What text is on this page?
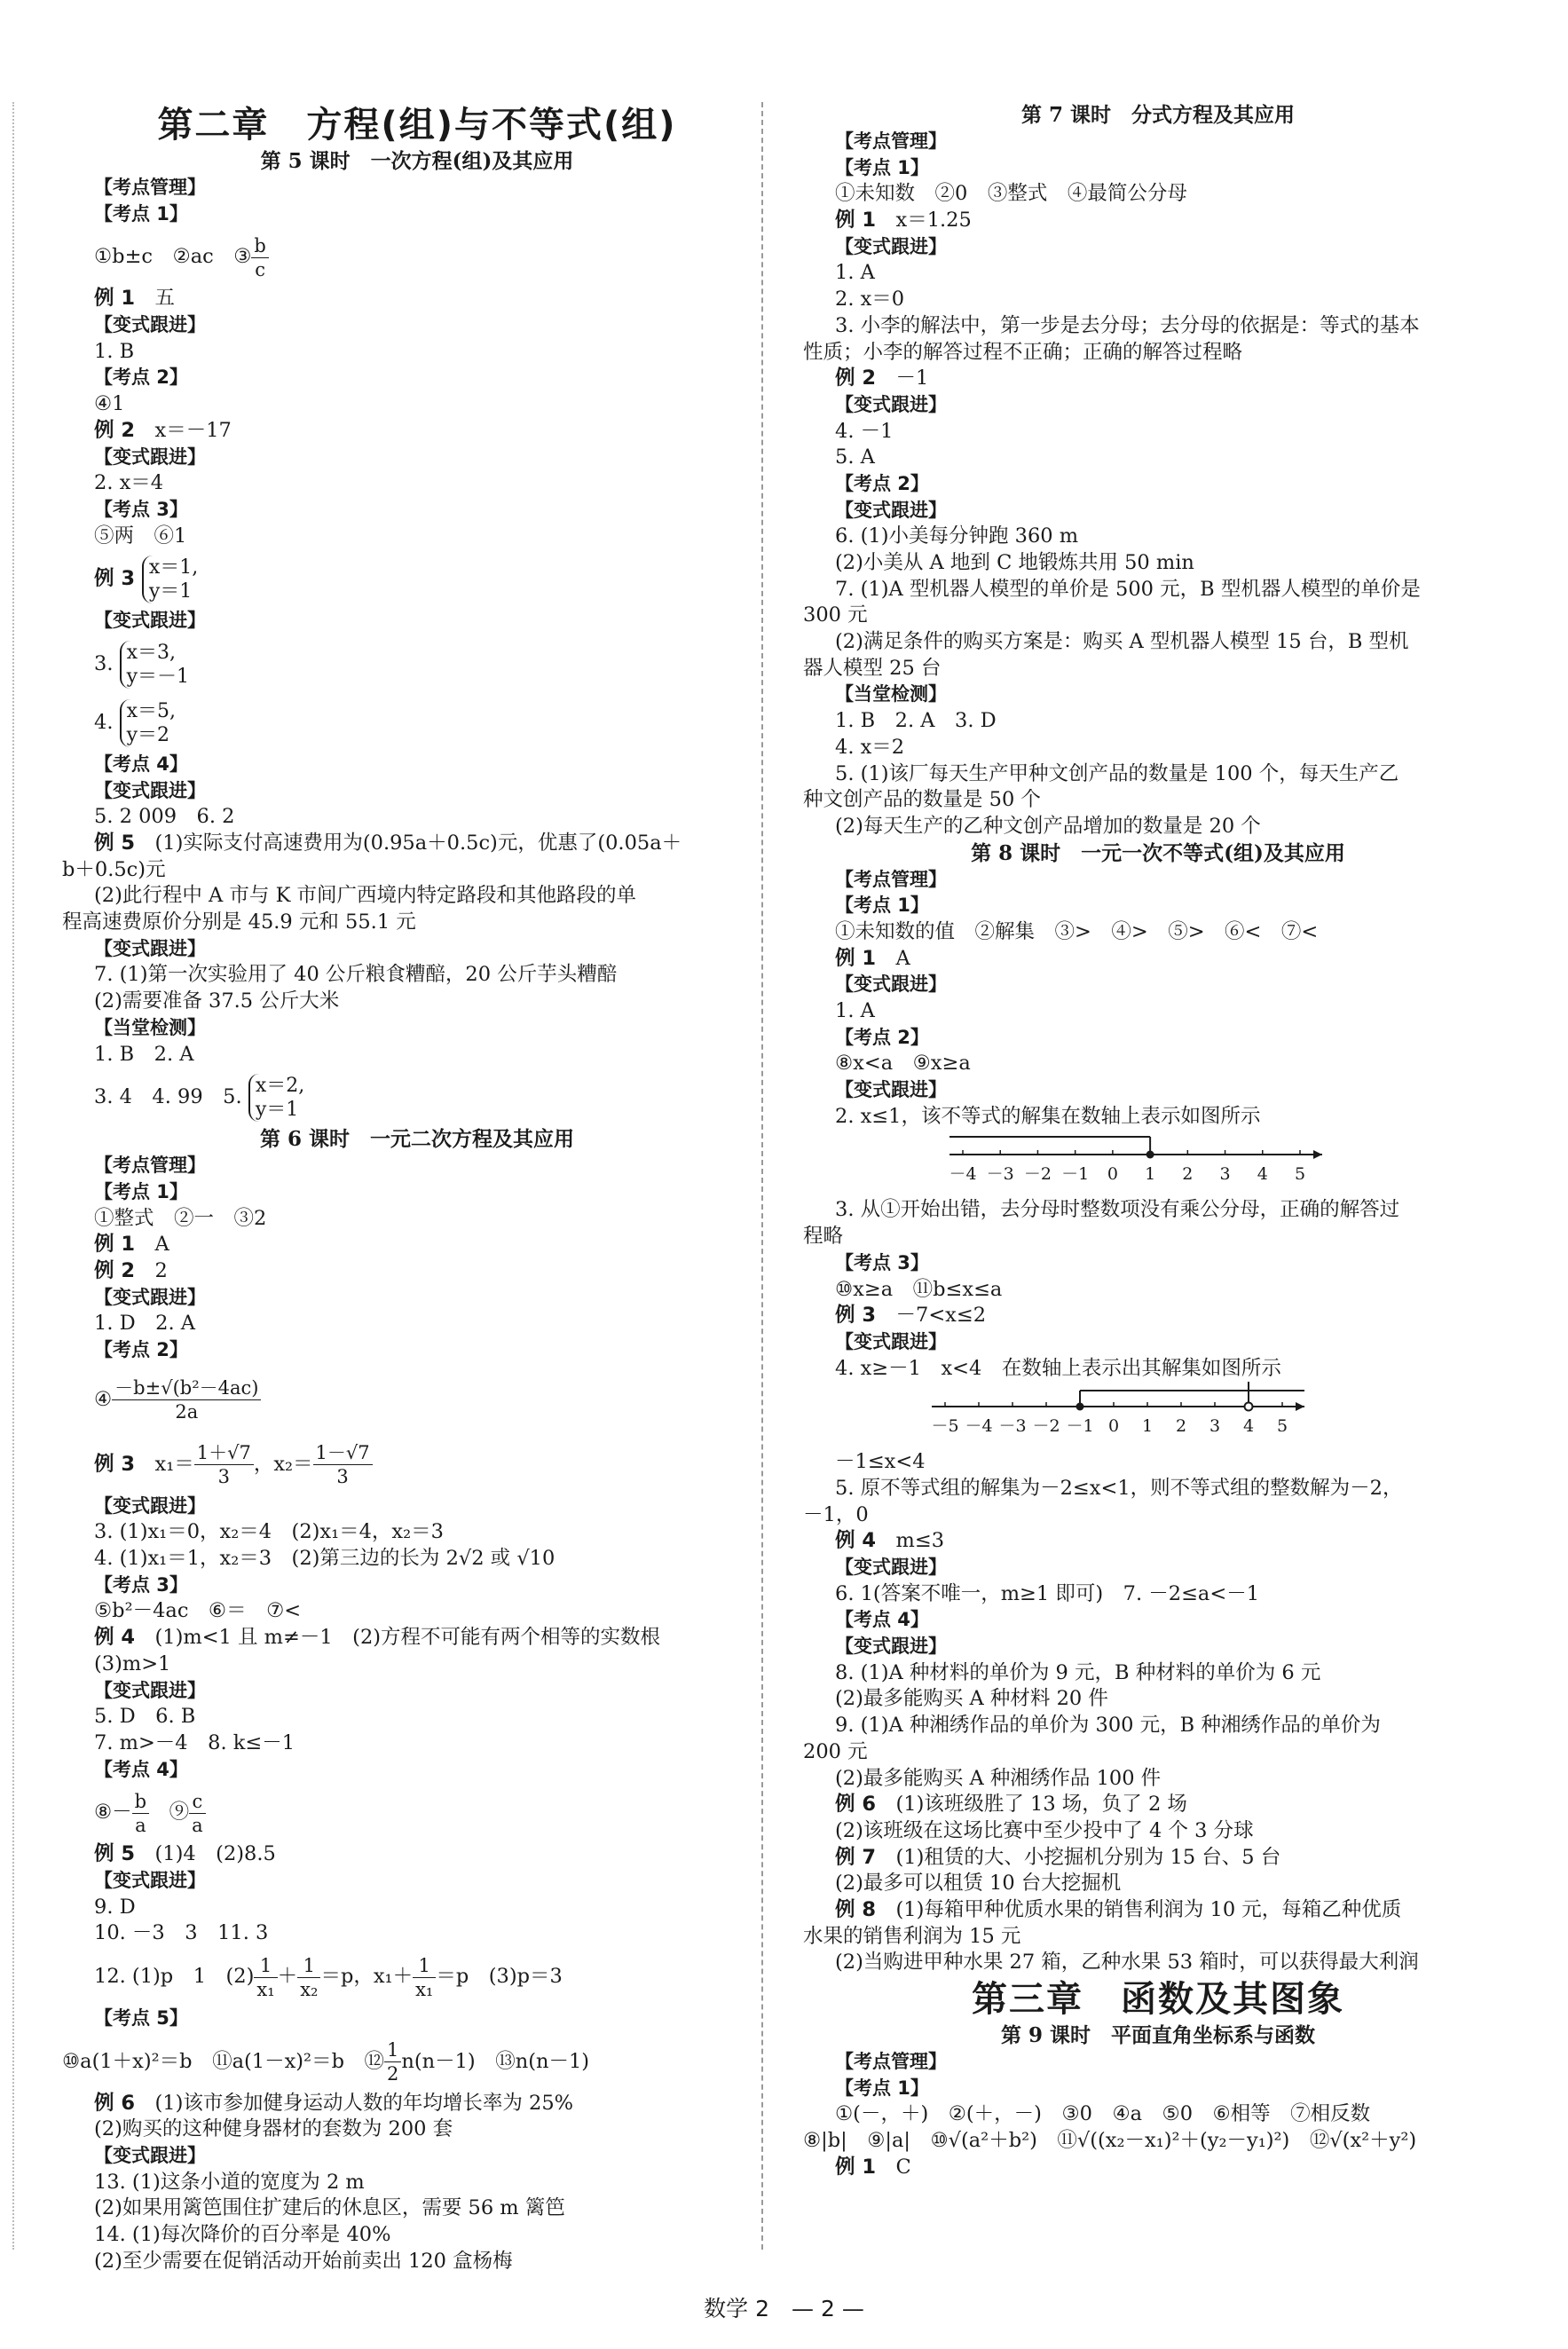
第二章　方程(组)与不等式(组)
第 5 课时　一次方程(组)及其应用
【考点管理】
【考点 1】
①b±c　②ac　③ $\frac{b}{c}$
例 1　五
【变式跟进】
1. B
【考点 2】
④1
例 2　x＝－17
【变式跟进】
2. x＝4
【考点 3】
⑤两　⑥1
例 3 x＝1,
y＝1
【变式跟进】
3. x＝3,
y＝－1
4. x＝5,
y＝2
【考点 4】
【变式跟进】
5. 2 009　6. 2
例 5　(1)实际支付高速费用为(0.95a＋0.5c)元，优惠了(0.05a＋
b＋0.5c)元
(2)此行程中 A 市与 K 市间广西境内特定路段和其他路段的单
程高速费原价分别是 45.9 元和 55.1 元
【变式跟进】
7. (1)第一次实验用了 40 公斤粮食糟醅，20 公斤芋头糟醅
(2)需要准备 37.5 公斤大米
【当堂检测】
1. B　2. A
3. 4　4. 99　5. x＝2,
y＝1
第 6 课时　一元二次方程及其应用
【考点管理】
【考点 1】
①整式　②一　③2
例 1　A
例 2　2
【变式跟进】
1. D　2. A
【考点 2】
④ $\frac{\text{－b±√(b²－4ac)}}{2a}$
例 3　$x_1= \frac{1+√7}{3}$ ，$x_2= \frac{1-√7}{3}$
【变式跟进】
3. (1)x₁＝0，x₂＝4　(2)x₁＝4，x₂＝3
4. (1)x₁＝1，x₂＝3　(2)第三边的长为 2√2 或 √10
【考点 3】
⑤b²－4ac　⑥＝　⑦<
例 4　(1)m<1 且 m≠－1　(2)方程不可能有两个相等的实数根
(3)m>1
【变式跟进】
5. D　6. B
7. m>－4　8. k≤－1
【考点 4】
⑧－ $\frac{b}{a}$ 　⑨ $\frac{c}{a}$
例 5　(1)4　(2)8.5
【变式跟进】
9. D
10. －3　3　11. 3
12. (1)p　1　$(2) \frac{1}{\text{x₁}} + \frac{1}{\text{x₂}} =p$，$x_1+ \frac{1}{\text{x₁}} =p$　(3)p＝3
【考点 5】
⑩a(1＋x)²＝b　⑪a(1－x)²＝b　⑫ $\frac{1}{2} n(n-1)$　⑬n(n－1)
例 6　(1)该市参加健身运动人数的年均增长率为 25%
(2)购买的这种健身器材的套数为 200 套
【变式跟进】
13. (1)这条小道的宽度为 2 m
(2)如果用篱笆围住扩建后的休息区，需要 56 m 篱笆
14. (1)每次降价的百分率是 40%
(2)至少需要在促销活动开始前卖出 120 盒杨梅
第 7 课时　分式方程及其应用
【考点管理】
【考点 1】
①未知数　②0　③整式　④最简公分母
例 1　x＝1.25
【变式跟进】
1. A
2. x＝0
3. 小李的解法中，第一步是去分母；去分母的依据是：等式的基本
性质；小李的解答过程不正确；正确的解答过程略
例 2　－1
【变式跟进】
4. －1
5. A
【考点 2】
【变式跟进】
6. (1)小美每分钟跑 360 m
(2)小美从 A 地到 C 地锻炼共用 50 min
7. (1)A 型机器人模型的单价是 500 元，B 型机器人模型的单价是
300 元
(2)满足条件的购买方案是：购买 A 型机器人模型 15 台，B 型机
器人模型 25 台
【当堂检测】
1. B　2. A　3. D
4. x＝2
5. (1)该厂每天生产甲种文创产品的数量是 100 个，每天生产乙
种文创产品的数量是 50 个
(2)每天生产的乙种文创产品增加的数量是 20 个
第 8 课时　一元一次不等式(组)及其应用
【考点管理】
【考点 1】
①未知数的值　②解集　③>　④>　⑤>　⑥<　⑦<
例 1　A
【变式跟进】
1. A
【考点 2】
⑧x<a　⑨x≥a
【变式跟进】
2. x≤1，该不等式的解集在数轴上表示如图所示
－4 －3 －2 －1 0 1 2 3 4 5
3. 从①开始出错，去分母时整数项没有乘公分母，正确的解答过
程略
【考点 3】
⑩x≥a　⑪b≤x≤a
例 3　－7<x≤2
【变式跟进】
4. x≥－1　x<4　在数轴上表示出其解集如图所示
－5 －4 －3 －2 －1 0 1 2 3 4 5
－1≤x<4
5. 原不等式组的解集为－2≤x<1，则不等式组的整数解为－2，
－1，0
例 4　m≤3
【变式跟进】
6. 1(答案不唯一，m≥1 即可)　7. －2≤a<－1
【考点 4】
【变式跟进】
8. (1)A 种材料的单价为 9 元，B 种材料的单价为 6 元
(2)最多能购买 A 种材料 20 件
9. (1)A 种湘绣作品的单价为 300 元，B 种湘绣作品的单价为
200 元
(2)最多能购买 A 种湘绣作品 100 件
例 6　(1)该班级胜了 13 场，负了 2 场
(2)该班级在这场比赛中至少投中了 4 个 3 分球
例 7　(1)租赁的大、小挖掘机分别为 15 台、5 台
(2)最多可以租赁 10 台大挖掘机
例 8　(1)每箱甲种优质水果的销售利润为 10 元，每箱乙种优质
水果的销售利润为 15 元
(2)当购进甲种水果 27 箱，乙种水果 53 箱时，可以获得最大利润
第三章　函数及其图象
第 9 课时　平面直角坐标系与函数
【考点管理】
【考点 1】
①(－，＋)　②(＋，－)　③0　④a　⑤0　⑥相等　⑦相反数
⑧|b|　⑨|a|　⑩√(a²＋b²)　⑪√((x₂－x₁)²＋(y₂－y₁)²)　⑫√(x²＋y²)
例 1　C
数学 2　— 2 —
